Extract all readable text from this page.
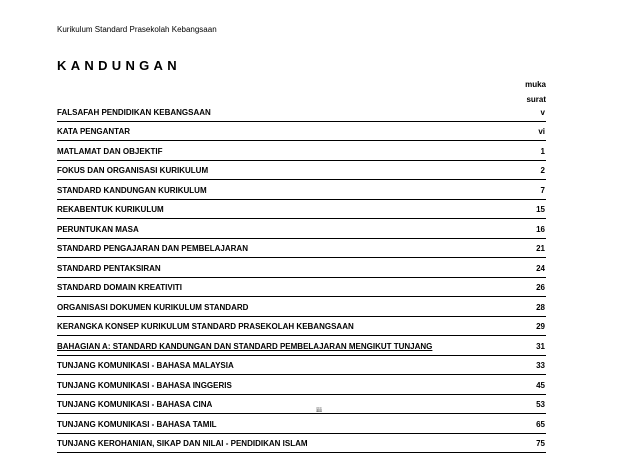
Kurikulum Standard Prasekolah Kebangsaan
KANDUNGAN
muka
surat
FALSAFAH PENDIDIKAN KEBANGSAAN	v
KATA PENGANTAR	vi
MATLAMAT DAN OBJEKTIF	1
FOKUS DAN ORGANISASI KURIKULUM	2
STANDARD KANDUNGAN KURIKULUM	7
REKABENTUK KURIKULUM	15
PERUNTUKAN MASA	16
STANDARD PENGAJARAN DAN PEMBELAJARAN	21
STANDARD PENTAKSIRAN	24
STANDARD DOMAIN KREATIVITI	26
ORGANISASI DOKUMEN KURIKULUM STANDARD	28
KERANGKA KONSEP KURIKULUM STANDARD PRASEKOLAH KEBANGSAAN	29
BAHAGIAN A: STANDARD KANDUNGAN DAN STANDARD PEMBELAJARAN MENGIKUT TUNJANG	31
TUNJANG KOMUNIKASI - BAHASA MALAYSIA	33
TUNJANG KOMUNIKASI - BAHASA INGGERIS	45
TUNJANG KOMUNIKASI - BAHASA CINA	53
TUNJANG KOMUNIKASI - BAHASA TAMIL	65
TUNJANG KEROHANIAN, SIKAP DAN NILAI - PENDIDIKAN ISLAM	75
iii
